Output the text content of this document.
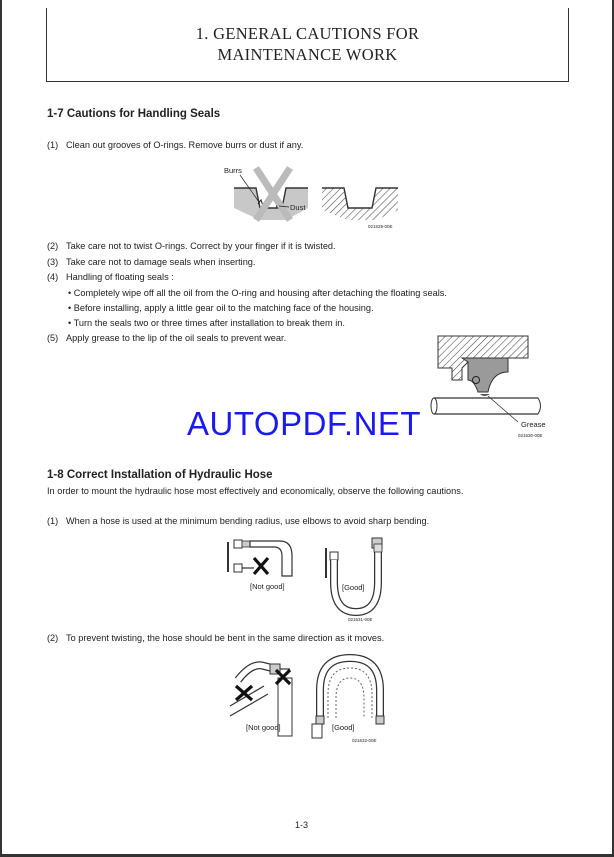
1. GENERAL CAUTIONS FOR
MAINTENANCE WORK
1-7 Cautions for Handling Seals
(1) Clean out grooves of O-rings. Remove burrs or dust if any.
Burrs
Dust
021629-00E
(2) Take care not to twist O-rings. Correct by your finger if it is twisted.
(3) Take care not to damage seals when inserting.
(4) Handling of floating seals :
• Completely wipe off all the oil from the O-ring and housing after detaching the floating seals.
• Before installing, apply a little gear oil to the matching face of the housing.
• Turn the seals two or three times after installation to break them in.
(5) Apply grease to the lip of the oil seals to prevent wear.
Grease
021630-00E
AUTOPDF.NET
1-8 Correct Installation of Hydraulic Hose
In order to mount the hydraulic hose most effectively and economically, observe the following cautions.
(1) When a hose is used at the minimum bending radius, use elbows to avoid sharp bending.
[Not good]	[Good]
021631-00E
(2) To prevent twisting, the hose should be bent in the same direction as it moves.
[Not good]	[Good]
021632-00E
1-3
